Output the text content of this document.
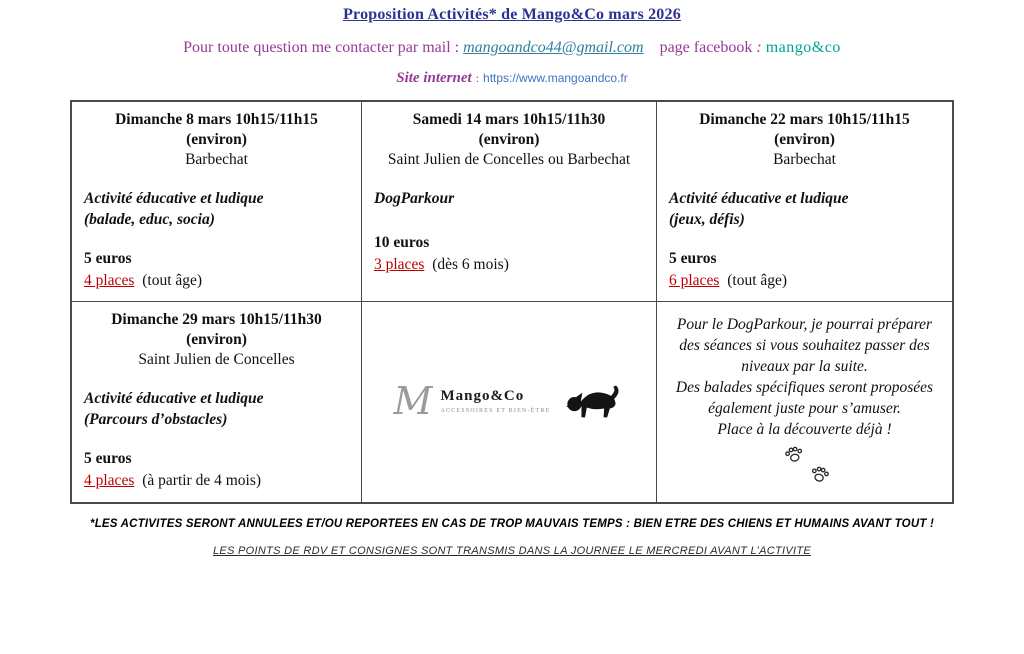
Proposition Activités* de Mango&Co mars 2026
Pour toute question me contacter par mail : mangoandco44@gmail.com page facebook : mango&co
Site internet : https://www.mangoandco.fr
Dimanche 8 mars 10h15/11h15
(environ)
Barbechat
Activité éducative et ludique
(balade, educ, socia)
5 euros
4 places (tout âge)
Samedi 14 mars 10h15/11h30
(environ)
Saint Julien de Concelles ou Barbechat
DogParkour
10 euros
3 places (dès 6 mois)
Dimanche 22 mars 10h15/11h15
(environ)
Barbechat
Activité éducative et ludique
(jeux, défis)
5 euros
6 places (tout âge)
Dimanche 29 mars 10h15/11h30
(environ)
Saint Julien de Concelles
Activité éducative et ludique
(Parcours d’obstacles)
5 euros
4 places (à partir de 4 mois)
M Mango&Co
ACCESSOIRES ET BIEN-ÊTRE
Pour le DogParkour, je pourrai préparer des séances si vous souhaitez passer des niveaux par la suite.
Des balades spécifiques seront proposées également juste pour s’amuser.
Place à la découverte déjà !
*LES ACTIVITES SERONT ANNULEES ET/OU REPORTEES EN CAS DE TROP MAUVAIS TEMPS : BIEN ETRE DES CHIENS ET HUMAINS AVANT TOUT !
LES POINTS DE RDV ET CONSIGNES SONT TRANSMIS DANS LA JOURNEE LE MERCREDI AVANT L’ACTIVITE
